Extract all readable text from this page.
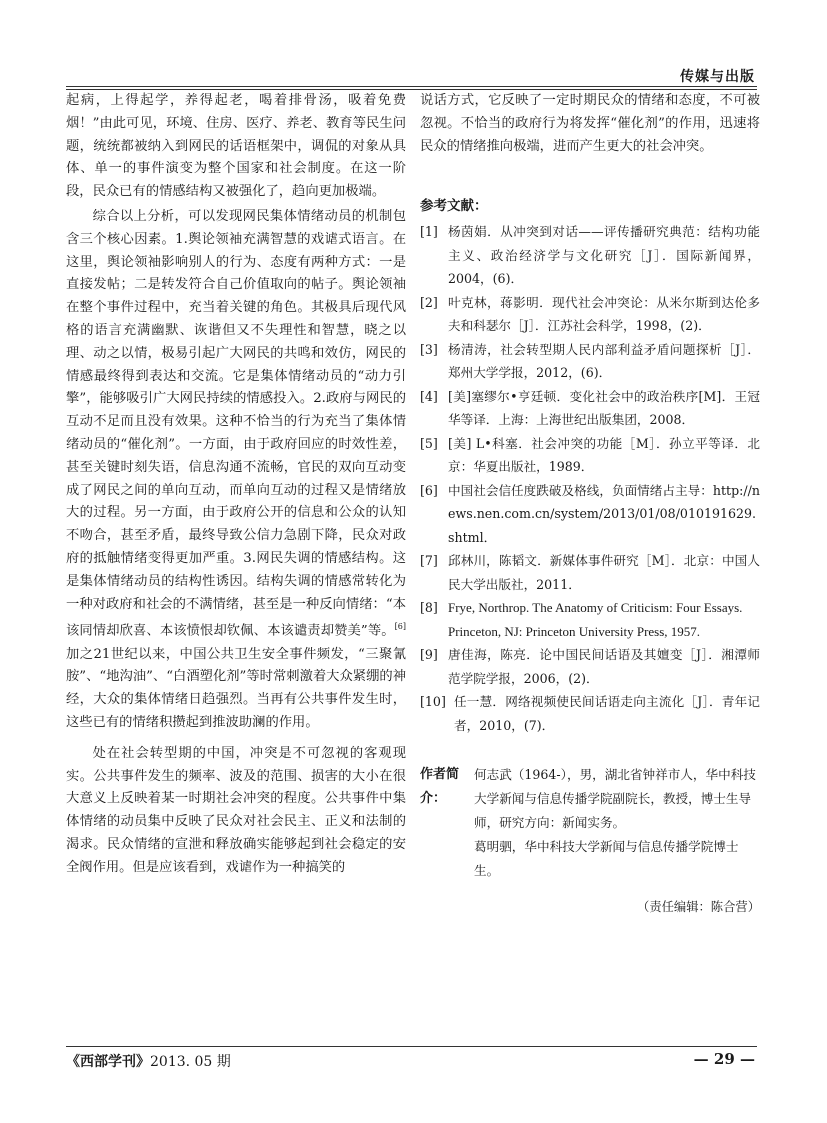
传媒与出版

起病，上得起学，养得起老，喝着排骨汤，吸着免费烟！”由此可见，环境、住房、医疗、养老、教育等民生问题，统统都被纳入到网民的话语框架中，调侃的对象从具体、单一的事件演变为整个国家和社会制度。在这一阶段，民众已有的情感结构又被强化了，趋向更加极端。

综合以上分析，可以发现网民集体情绪动员的机制包含三个核心因素。1.舆论领袖充满智慧的戏谑式语言。在这里，舆论领袖影响别人的行为、态度有两种方式：一是直接发帖；二是转发符合自己价值取向的帖子。舆论领袖在整个事件过程中，充当着关键的角色。其极具后现代风格的语言充满幽默、诙谐但又不失理性和智慧，晓之以理、动之以情，极易引起广大网民的共鸣和效仿，网民的情感最终得到表达和交流。它是集体情绪动员的“动力引擎”，能够吸引广大网民持续的情感投入。2.政府与网民的互动不足而且没有效果。这种不恰当的行为充当了集体情绪动员的“催化剂”。一方面，由于政府回应的时效性差，甚至关键时刻失语，信息沟通不流畅，官民的双向互动变成了网民之间的单向互动，而单向互动的过程又是情绪放大的过程。另一方面，由于政府公开的信息和公众的认知不吻合，甚至矛盾，最终导致公信力急剧下降，民众对政府的抵触情绪变得更加严重。3.网民失调的情感结构。这是集体情绪动员的结构性诱因。结构失调的情感常转化为一种对政府和社会的不满情绪，甚至是一种反向情绪：“本该同情却欣喜、本该愤恨却钦佩、本该谴责却赞美”等。[6]加之21世纪以来，中国公共卫生安全事件频发，“三聚氰胺”、“地沟油”、“白酒塑化剂”等时常刺激着大众紧绷的神经，大众的集体情绪日趋强烈。当再有公共事件发生时，这些已有的情绪积攒起到推波助澜的作用。

处在社会转型期的中国，冲突是不可忽视的客观现实。公共事件发生的频率、波及的范围、损害的大小在很大意义上反映着某一时期社会冲突的程度。公共事件中集体情绪的动员集中反映了民众对社会民主、正义和法制的渴求。民众情绪的宣泄和释放确实能够起到社会稳定的安全阀作用。但是应该看到，戏谑作为一种搞笑的

说话方式，它反映了一定时期民众的情绪和态度，不可被忽视。不恰当的政府行为将发挥“催化剂”的作用，迅速将民众的情绪推向极端，进而产生更大的社会冲突。

参考文献：
[1] 杨茵娟．从冲突到对话——评传播研究典范：结构功能主义、政治经济学与文化研究［J］．国际新闻界，2004，(6)．
[2] 叶克林，蒋影明．现代社会冲突论：从米尔斯到达伦多夫和科瑟尔［J］．江苏社会科学，1998，(2)．
[3] 杨清涛，社会转型期人民内部利益矛盾问题探析［J］．郑州大学学报，2012，(6)．
[4] [美]塞缪尔•亨廷顿．变化社会中的政治秩序[M]．王冠华等译．上海：上海世纪出版集团，2008．
[5] [美] L•科塞．社会冲突的功能［M］．孙立平等译．北京：华夏出版社，1989．
[6] 中国社会信任度跌破及格线，负面情绪占主导：http://news.nen.com.cn/system/2013/01/08/010191629.shtml．
[7] 邱林川，陈韬文．新媒体事件研究［M］．北京：中国人民大学出版社，2011．
[8] Frye, Northrop. The Anatomy of Criticism: Four Essays. Princeton, NJ: Princeton University Press, 1957.
[9] 唐佳海，陈亮．论中国民间话语及其嬗变［J］．湘潭师范学院学报，2006，(2)．
[10] 任一慧．网络视频使民间话语走向主流化［J］．青年记者，2010，(7)．
作者简介：

何志武（1964-），男，湖北省钟祥市人，华中科技大学新闻与信息传播学院副院长，教授，博士生导师，研究方向：新闻实务。

葛明驷，华中科技大学新闻与信息传播学院博士生。

（责任编辑：陈合营）
《西部学刊》2013. 05 期	— 29 —
